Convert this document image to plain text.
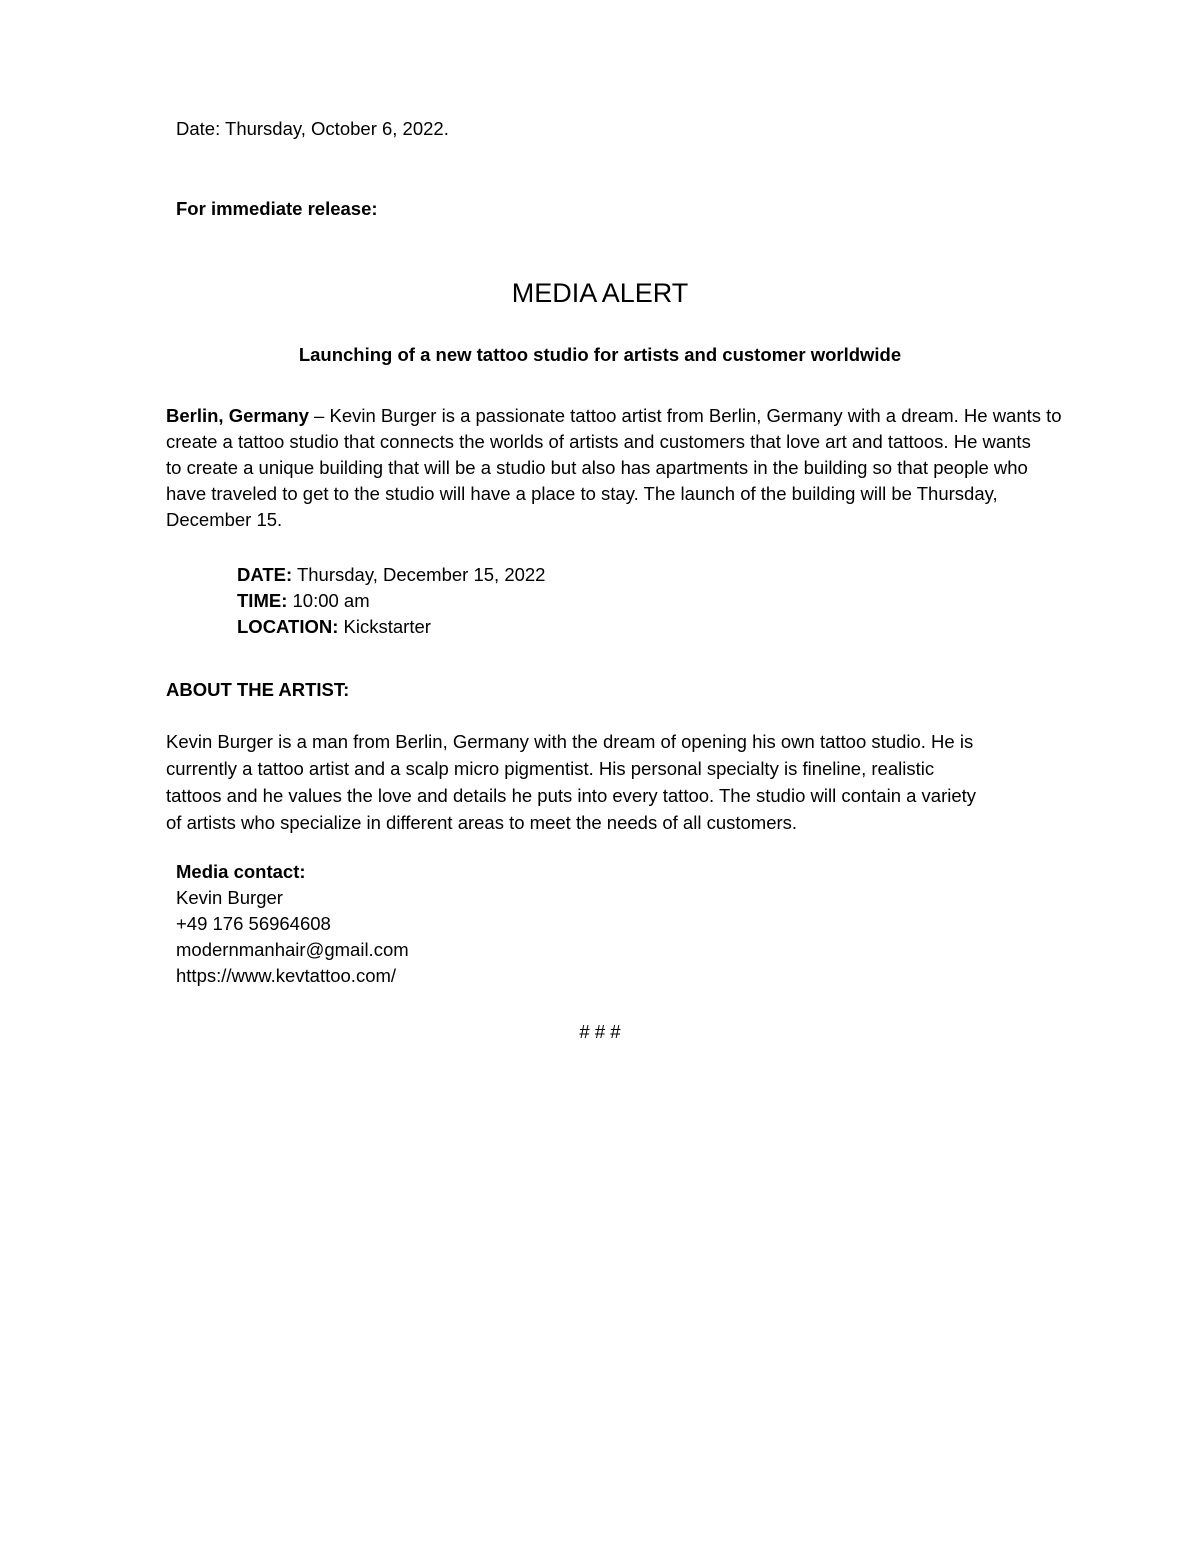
Date: Thursday, October 6, 2022.

For immediate release:

MEDIA ALERT

Launching of a new tattoo studio for artists and customer worldwide

Berlin, Germany – Kevin Burger is a passionate tattoo artist from Berlin, Germany with a dream. He wants to
create a tattoo studio that connects the worlds of artists and customers that love art and tattoos. He wants
to create a unique building that will be a studio but also has apartments in the building so that people who
have traveled to get to the studio will have a place to stay. The launch of the building will be Thursday,
December 15.
DATE: Thursday, December 15, 2022
TIME: 10:00 am
LOCATION: Kickstarter

ABOUT THE ARTIST:

Kevin Burger is a man from Berlin, Germany with the dream of opening his own tattoo studio. He is
currently a tattoo artist and a scalp micro pigmentist. His personal specialty is fineline, realistic
tattoos and he values the love and details he puts into every tattoo. The studio will contain a variety
of artists who specialize in different areas to meet the needs of all customers.
Media contact:
Kevin Burger
+49 176 56964608
modernmanhair@gmail.com
https://www.kevtattoo.com/

# # #
